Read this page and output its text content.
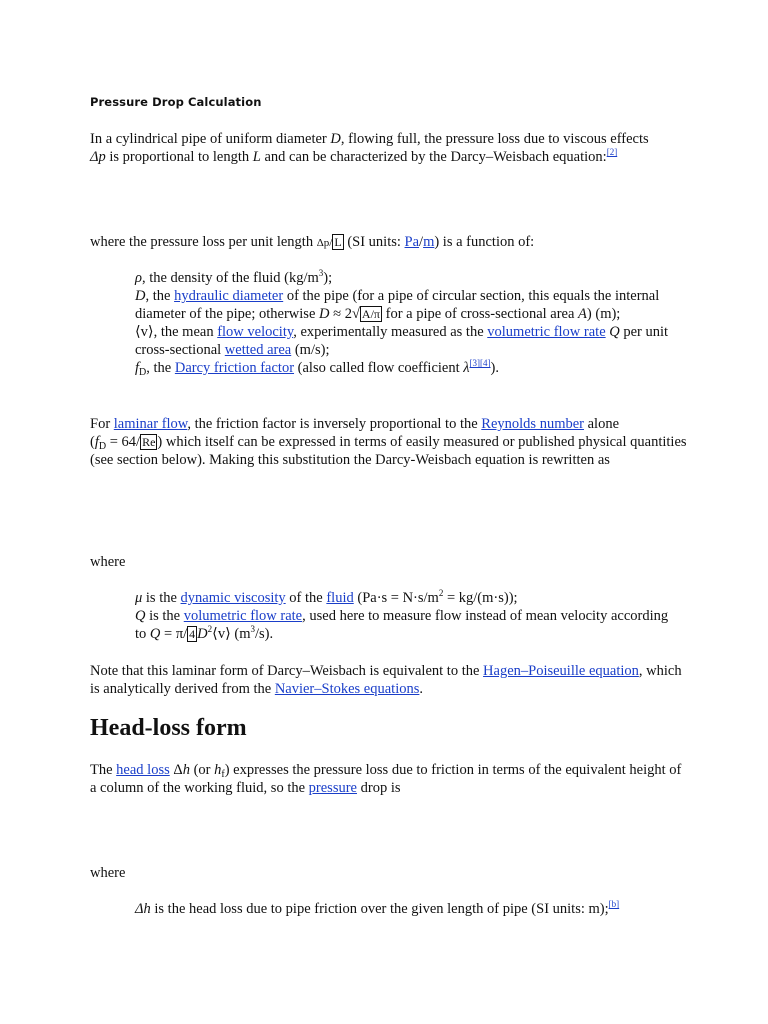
Pressure Drop Calculation

In a cylindrical pipe of uniform diameter D, flowing full, the pressure loss due to viscous effects
Δp is proportional to length L and can be characterized by the Darcy–Weisbach equation:[2]

where the pressure loss per unit length Δp/ L (SI units: Pa/m) is a function of:

ρ, the density of the fluid $(kg/m^3)$;
D, the hydraulic diameter of the pipe (for a pipe of circular section, this equals the internal diameter of the pipe; otherwise D ≈ 2√ A/π for a pipe of cross-sectional area A) (m);
⟨v⟩, the mean flow velocity, experimentally measured as the volumetric flow rate Q per unit cross-sectional wetted area (m/s);
$f_D$, the Darcy friction factor (also called flow coefficient λ[3][4]).

For laminar flow, the friction factor is inversely proportional to the Reynolds number alone
($f_D = 64/$ Re ) which itself can be expressed in terms of easily measured or published physical quantities (see section below). Making this substitution the Darcy-Weisbach equation is rewritten as

where
μ is the dynamic viscosity of the fluid $(Pa\cdot s = N\cdot s/m^2 = kg/(m\cdot s))$;
Q is the volumetric flow rate, used here to measure flow instead of mean velocity according to Q = π/ 4 $D^2⟨v⟩$ $(m^3/s)$.

Note that this laminar form of Darcy–Weisbach is equivalent to the Hagen–Poiseuille equation, which is analytically derived from the Navier–Stokes equations.

Head-loss form

The head loss Δh (or $h_f$) expresses the pressure loss due to friction in terms of the equivalent height of a column of the working fluid, so the pressure drop is

where
Δh is the head loss due to pipe friction over the given length of pipe (SI units: m);[b]
